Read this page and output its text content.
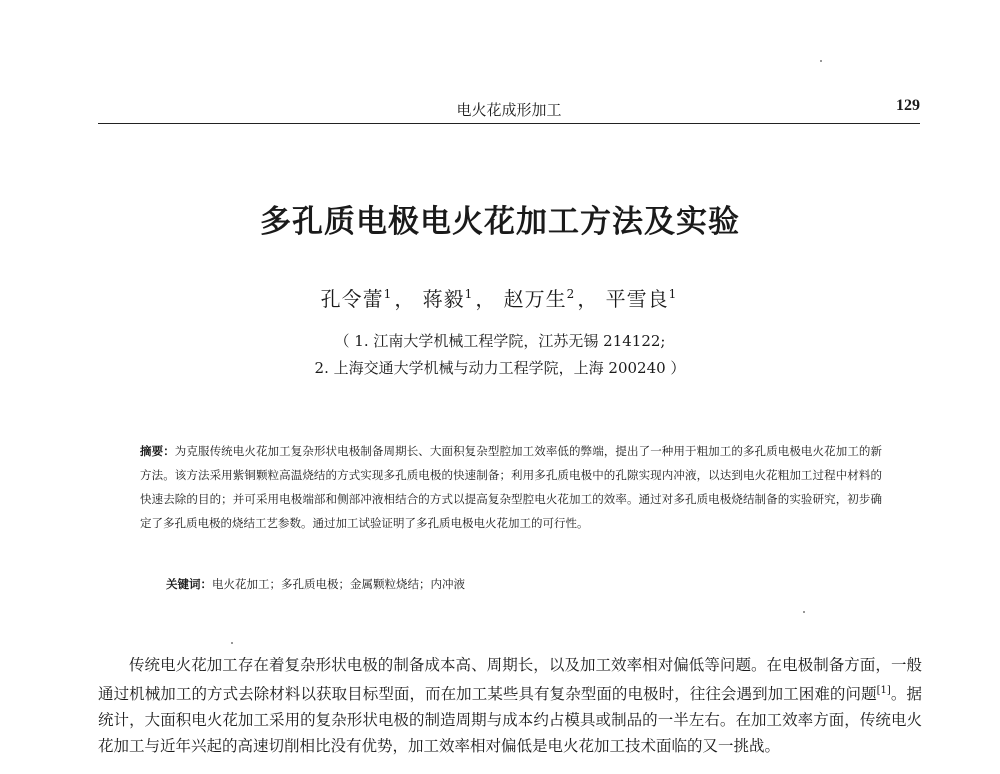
电火花成形加工	129
多孔质电极电火花加工方法及实验
孔令蕾$^1$ ， 蒋毅$^1$ ， 赵万生$^2$ ， 平雪良$^1$
（ 1. 江南大学机械工程学院，江苏无锡 214122;
2. 上海交通大学机械与动力工程学院，上海 200240 ）
摘要：为克服传统电火花加工复杂形状电极制备周期长、大面积复杂型腔加工效率低的弊端，提出了一种用于粗加工的多孔质电极电火花加工的新方法。该方法采用紫铜颗粒高温烧结的方式实现多孔质电极的快速制备；利用多孔质电极中的孔隙实现内冲液，以达到电火花粗加工过程中材料的快速去除的目的；并可采用电极端部和侧部冲液相结合的方式以提高复杂型腔电火花加工的效率。通过对多孔质电极烧结制备的实验研究，初步确定了多孔质电极的烧结工艺参数。通过加工试验证明了多孔质电极电火花加工的可行性。
关键词：电火花加工；多孔质电极；金属颗粒烧结；内冲液

传统电火花加工存在着复杂形状电极的制备成本高、周期长，以及加工效率相对偏低等问题。在电极制备方面，一般通过机械加工的方式去除材料以获取目标型面，而在加工某些具有复杂型面的电极时，往往会遇到加工困难的问题[1]。据统计，大面积电火花加工采用的复杂形状电极的制造周期与成本约占模具或制品的一半左右。在加工效率方面，传统电火花加工与近年兴起的高速切削相比没有优势，加工效率相对偏低是电火花加工技术面临的又一挑战。
